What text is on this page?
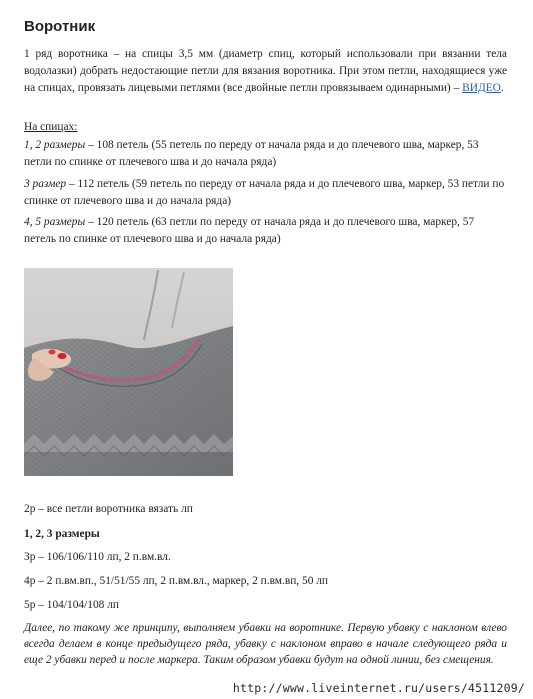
Воротник

1 ряд воротника – на спицы 3,5 мм (диаметр спиц, который использовали при вязании тела водолазки) добрать недостающие петли для вязания воротника. При этом петли, находящиеся уже на спицах, провязать лицевыми петлями (все двойные петли провязываем одинарными) – ВИДЕО.

На спицах:

1, 2 размеры – 108 петель (55 петель по переду от начала ряда и до плечевого шва, маркер, 53 петли по спинке от плечевого шва и до начала ряда)

3 размер – 112 петель (59 петель по переду от начала ряда и до плечевого шва, маркер, 53 петли по спинке от плечевого шва и до начала ряда)

4, 5 размеры – 120 петель (63 петли по переду от начала ряда и до плечевого шва, маркер, 57 петель по спинке от плечевого шва и до начала ряда)

2р – все петли воротника вязать лп

1, 2, 3 размеры

3р – 106/106/110 лп, 2 п.вм.вл.

4р – 2 п.вм.вп., 51/51/55 лп, 2 п.вм.вл., маркер, 2 п.вм.вп, 50 лп

5р – 104/104/108 лп

Далее, по такому же принципу, выполняем убавки на воротнике. Первую убавку с наклоном влево всегда делаем в конце предыдущего ряда, убавку с наклоном вправо в начале следующего ряда и еще 2 убавки перед и после маркера. Таким образом убавки будут на одной линии, без смещения.

http://www.liveinternet.ru/users/4511209/
